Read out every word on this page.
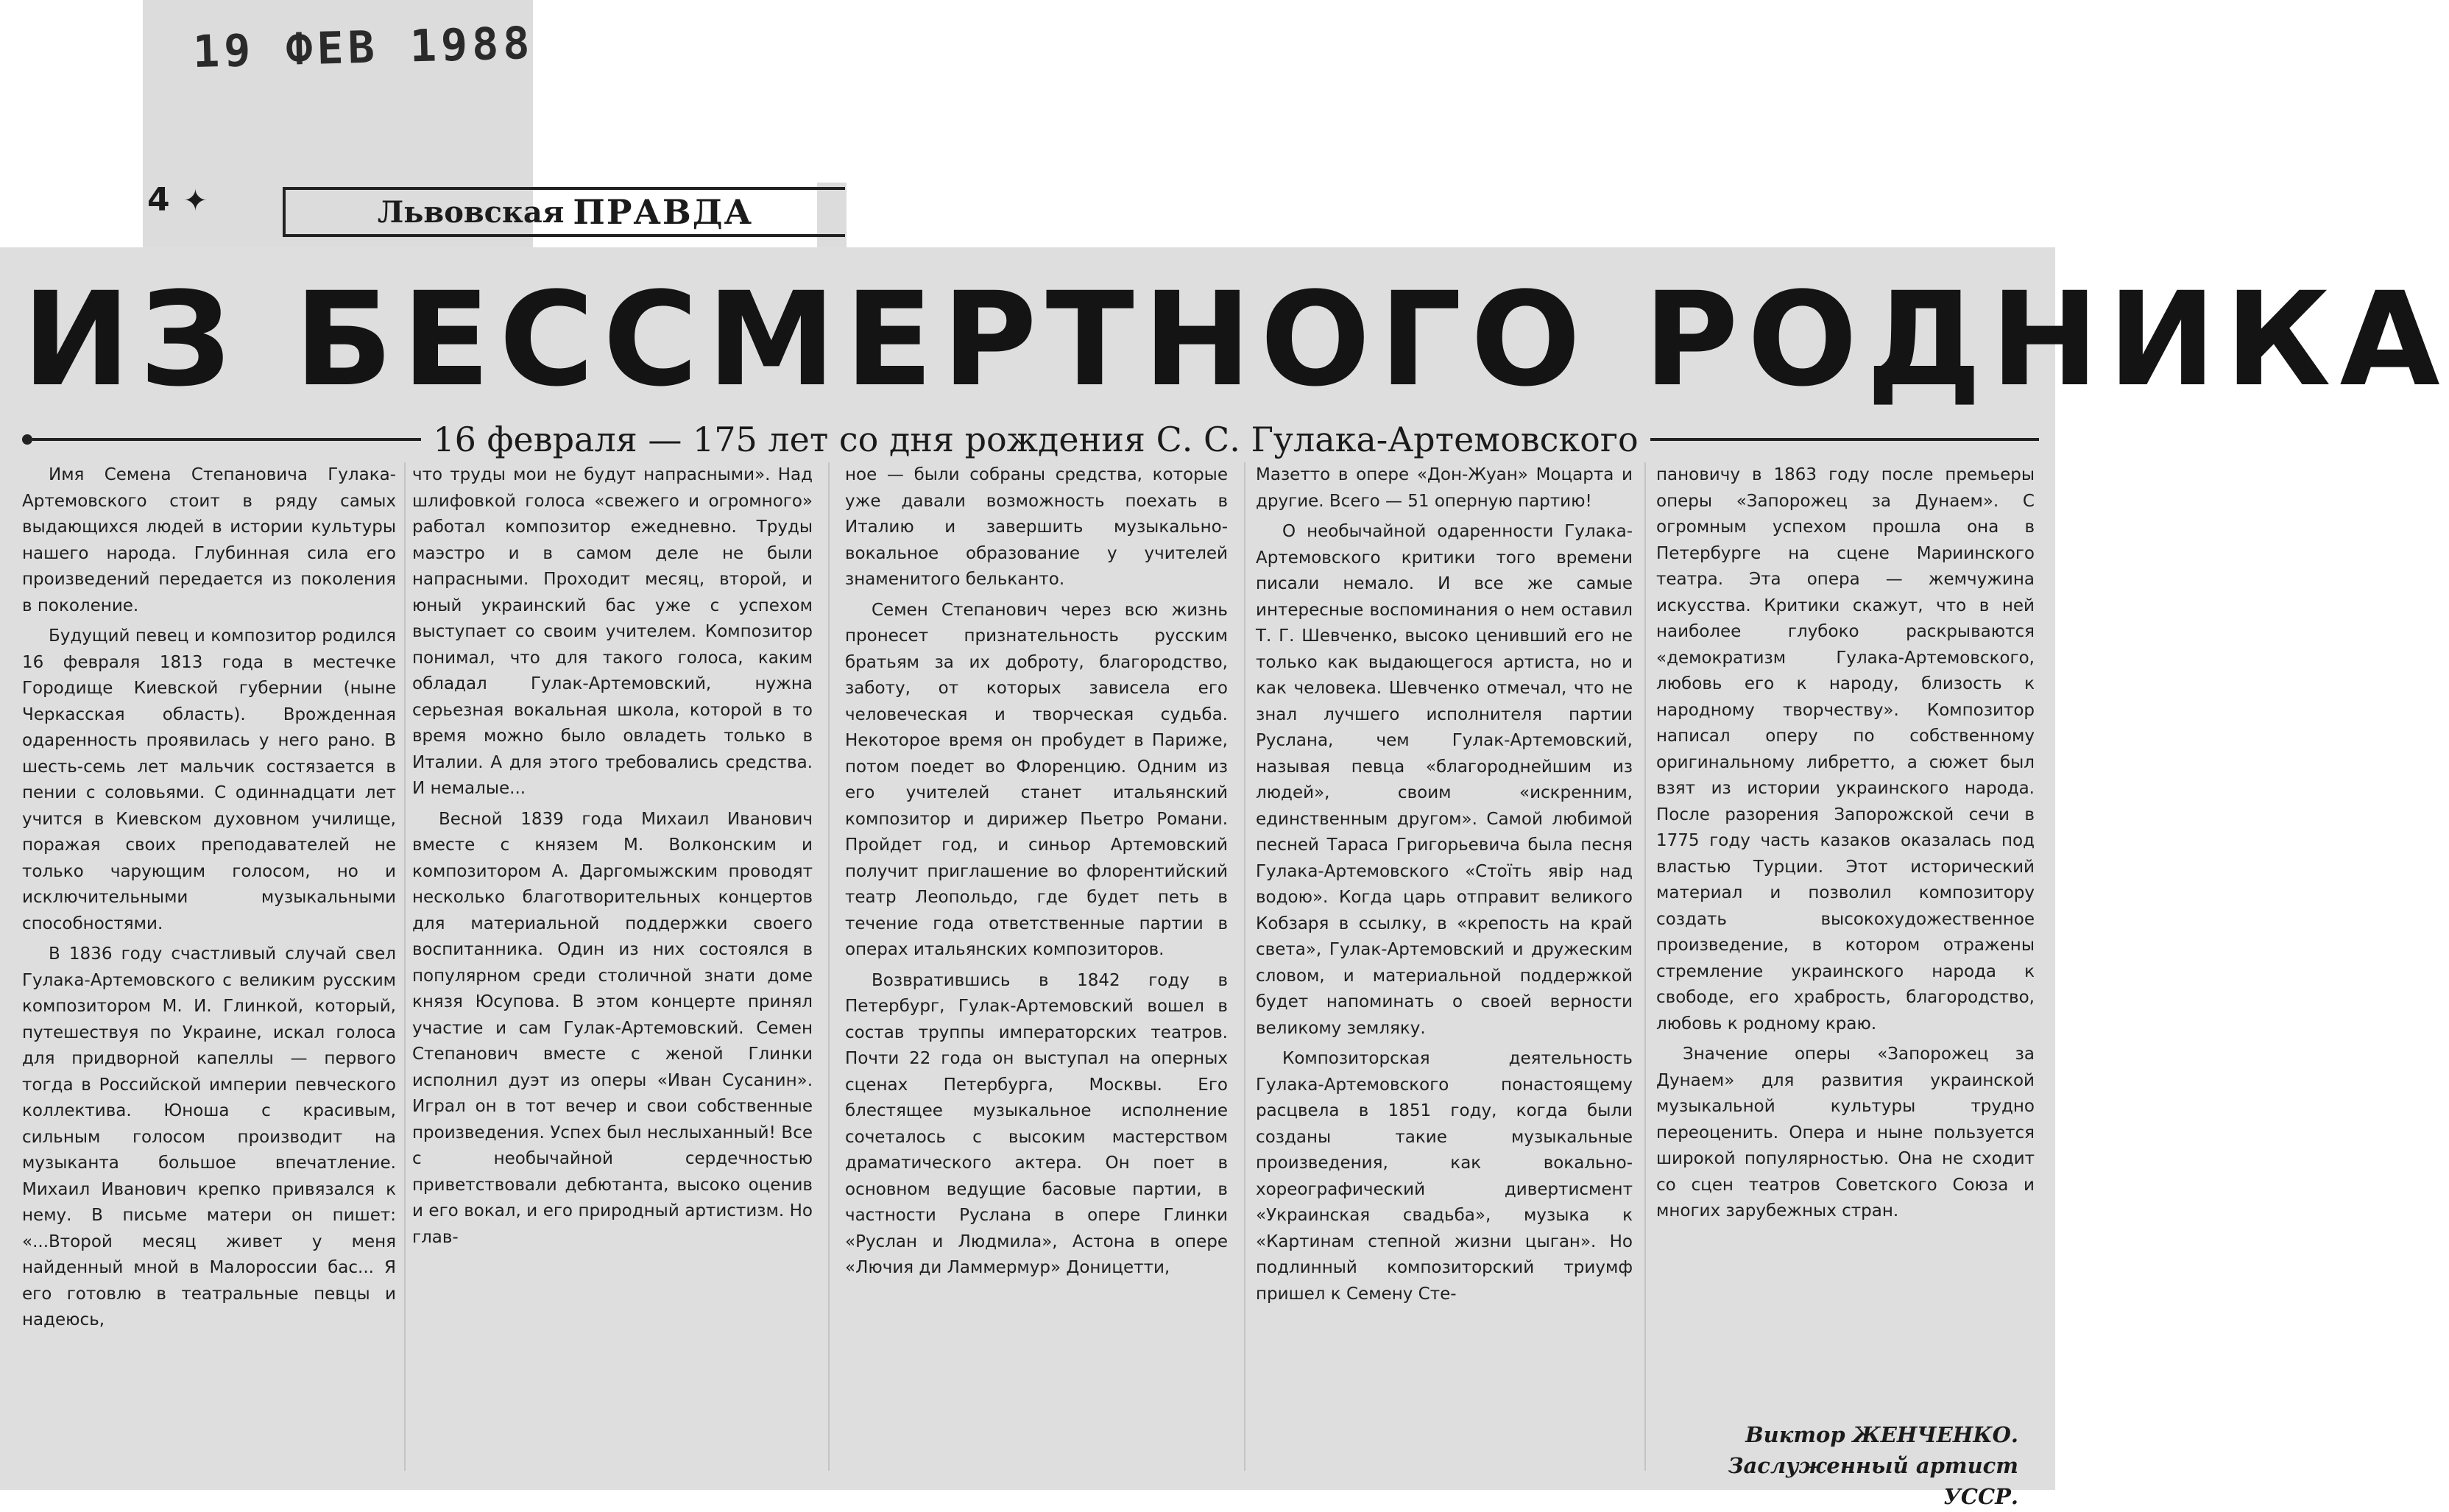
19 ФЕВ 1988
4 ✦	Львовская ПРАВДА
ИЗ БЕССМЕРТНОГО РОДНИКА
16 февраля — 175 лет со дня рождения С. С. Гулака-Артемовского

Имя Семена Степановича Гулака-Артемовского стоит в ряду самых выдающихся людей в истории культуры нашего народа. Глубинная сила его произведений передается из поколения в поколение.

Будущий певец и композитор родился 16 февраля 1813 года в местечке Городище Киевской губернии (ныне Черкасская область). Врожденная одаренность проявилась у него рано. В шесть-семь лет мальчик состязается в пении с соловьями. С одиннадцати лет учится в Киевском духовном училище, поражая своих преподавателей не только чарующим голосом, но и исключительными музыкальными способностями.

В 1836 году счастливый случай свел Гулака-Артемовского с великим русским композитором М. И. Глинкой, который, путешествуя по Украине, искал голоса для придворной капеллы — первого тогда в Российской империи певческого коллектива. Юноша с красивым, сильным голосом производит на музыканта большое впечатление. Михаил Иванович крепко привязался к нему. В письме матери он пишет: «...Второй месяц живет у меня найденный мной в Малороссии бас... Я его готовлю в театральные певцы и надеюсь,

что труды мои не будут напрасными». Над шлифовкой голоса «свежего и огромного» работал композитор ежедневно. Труды маэстро и в самом деле не были напрасными. Проходит месяц, второй, и юный украинский бас уже с успехом выступает со своим учителем. Композитор понимал, что для такого голоса, каким обладал Гулак-Артемовский, нужна серьезная вокальная школа, которой в то время можно было овладеть только в Италии. А для этого требовались средства. И немалые...

Весной 1839 года Михаил Иванович вместе с князем М. Волконским и композитором А. Даргомыжским проводят несколько благотворительных концертов для материальной поддержки своего воспитанника. Один из них состоялся в популярном среди столичной знати доме князя Юсупова. В этом концерте принял участие и сам Гулак-Артемовский. Семен Степанович вместе с женой Глинки исполнил дуэт из оперы «Иван Сусанин». Играл он в тот вечер и свои собственные произведения. Успех был неслыханный! Все с необычайной сердечностью приветствовали дебютанта, высоко оценив и его вокал, и его природный артистизм. Но глав-

ное — были собраны средства, которые уже давали возможность поехать в Италию и завершить музыкально-вокальное образование у учителей знаменитого бельканто.

Семен Степанович через всю жизнь пронесет признательность русским братьям за их доброту, благородство, заботу, от которых зависела его человеческая и творческая судьба. Некоторое время он пробудет в Париже, потом поедет во Флоренцию. Одним из его учителей станет итальянский композитор и дирижер Пьетро Романи. Пройдет год, и синьор Артемовский получит приглашение во флорентийский театр Леопольдо, где будет петь в течение года ответственные партии в операх итальянских композиторов.

Возвратившись в 1842 году в Петербург, Гулак-Артемовский вошел в состав труппы императорских театров. Почти 22 года он выступал на оперных сценах Петербурга, Москвы. Его блестящее музыкальное исполнение сочеталось с высоким мастерством драматического актера. Он поет в основном ведущие басовые партии, в частности Руслана в опере Глинки «Руслан и Людмила», Астона в опере «Лючия ди Ламмермур» Доницетти,

Мазетто в опере «Дон-Жуан» Моцарта и другие. Всего — 51 оперную партию!

О необычайной одаренности Гулака-Артемовского критики того времени писали немало. И все же самые интересные воспоминания о нем оставил Т. Г. Шевченко, высоко ценивший его не только как выдающегося артиста, но и как человека. Шевченко отмечал, что не знал лучшего исполнителя партии Руслана, чем Гулак-Артемовский, называя певца «благороднейшим из людей», своим «искренним, единственным другом». Самой любимой песней Тараса Григорьевича была песня Гулака-Артемовского «Стоїть явір над водою». Когда царь отправит великого Кобзаря в ссылку, в «крепость на край света», Гулак-Артемовский и дружеским словом, и материальной поддержкой будет напоминать о своей верности великому земляку.

Композиторская деятельность Гулака-Артемовского понастоящему расцвела в 1851 году, когда были созданы такие музыкальные произведения, как вокально-хореографический дивертисмент «Украинская свадьба», музыка к «Картинам степной жизни цыган». Но подлинный композиторский триумф пришел к Семену Сте-

пановичу в 1863 году после премьеры оперы «Запорожец за Дунаем». С огромным успехом прошла она в Петербурге на сцене Мариинского театра. Эта опера — жемчужина искусства. Критики скажут, что в ней наиболее глубоко раскрываются «демократизм Гулака-Артемовского, любовь его к народу, близость к народному творчеству». Композитор написал оперу по собственному оригинальному либретто, а сюжет был взят из истории украинского народа. После разорения Запорожской сечи в 1775 году часть казаков оказалась под властью Турции. Этот исторический материал и позволил композитору создать высокохудожественное произведение, в котором отражены стремление украинского народа к свободе, его храбрость, благородство, любовь к родному краю.

Значение оперы «Запорожец за Дунаем» для развития украинской музыкальной культуры трудно переоценить. Опера и ныне пользуется широкой популярностью. Она не сходит со сцен театров Советского Союза и многих зарубежных стран.

Виктор ЖЕНЧЕНКО.
Заслуженный артист УССР.
